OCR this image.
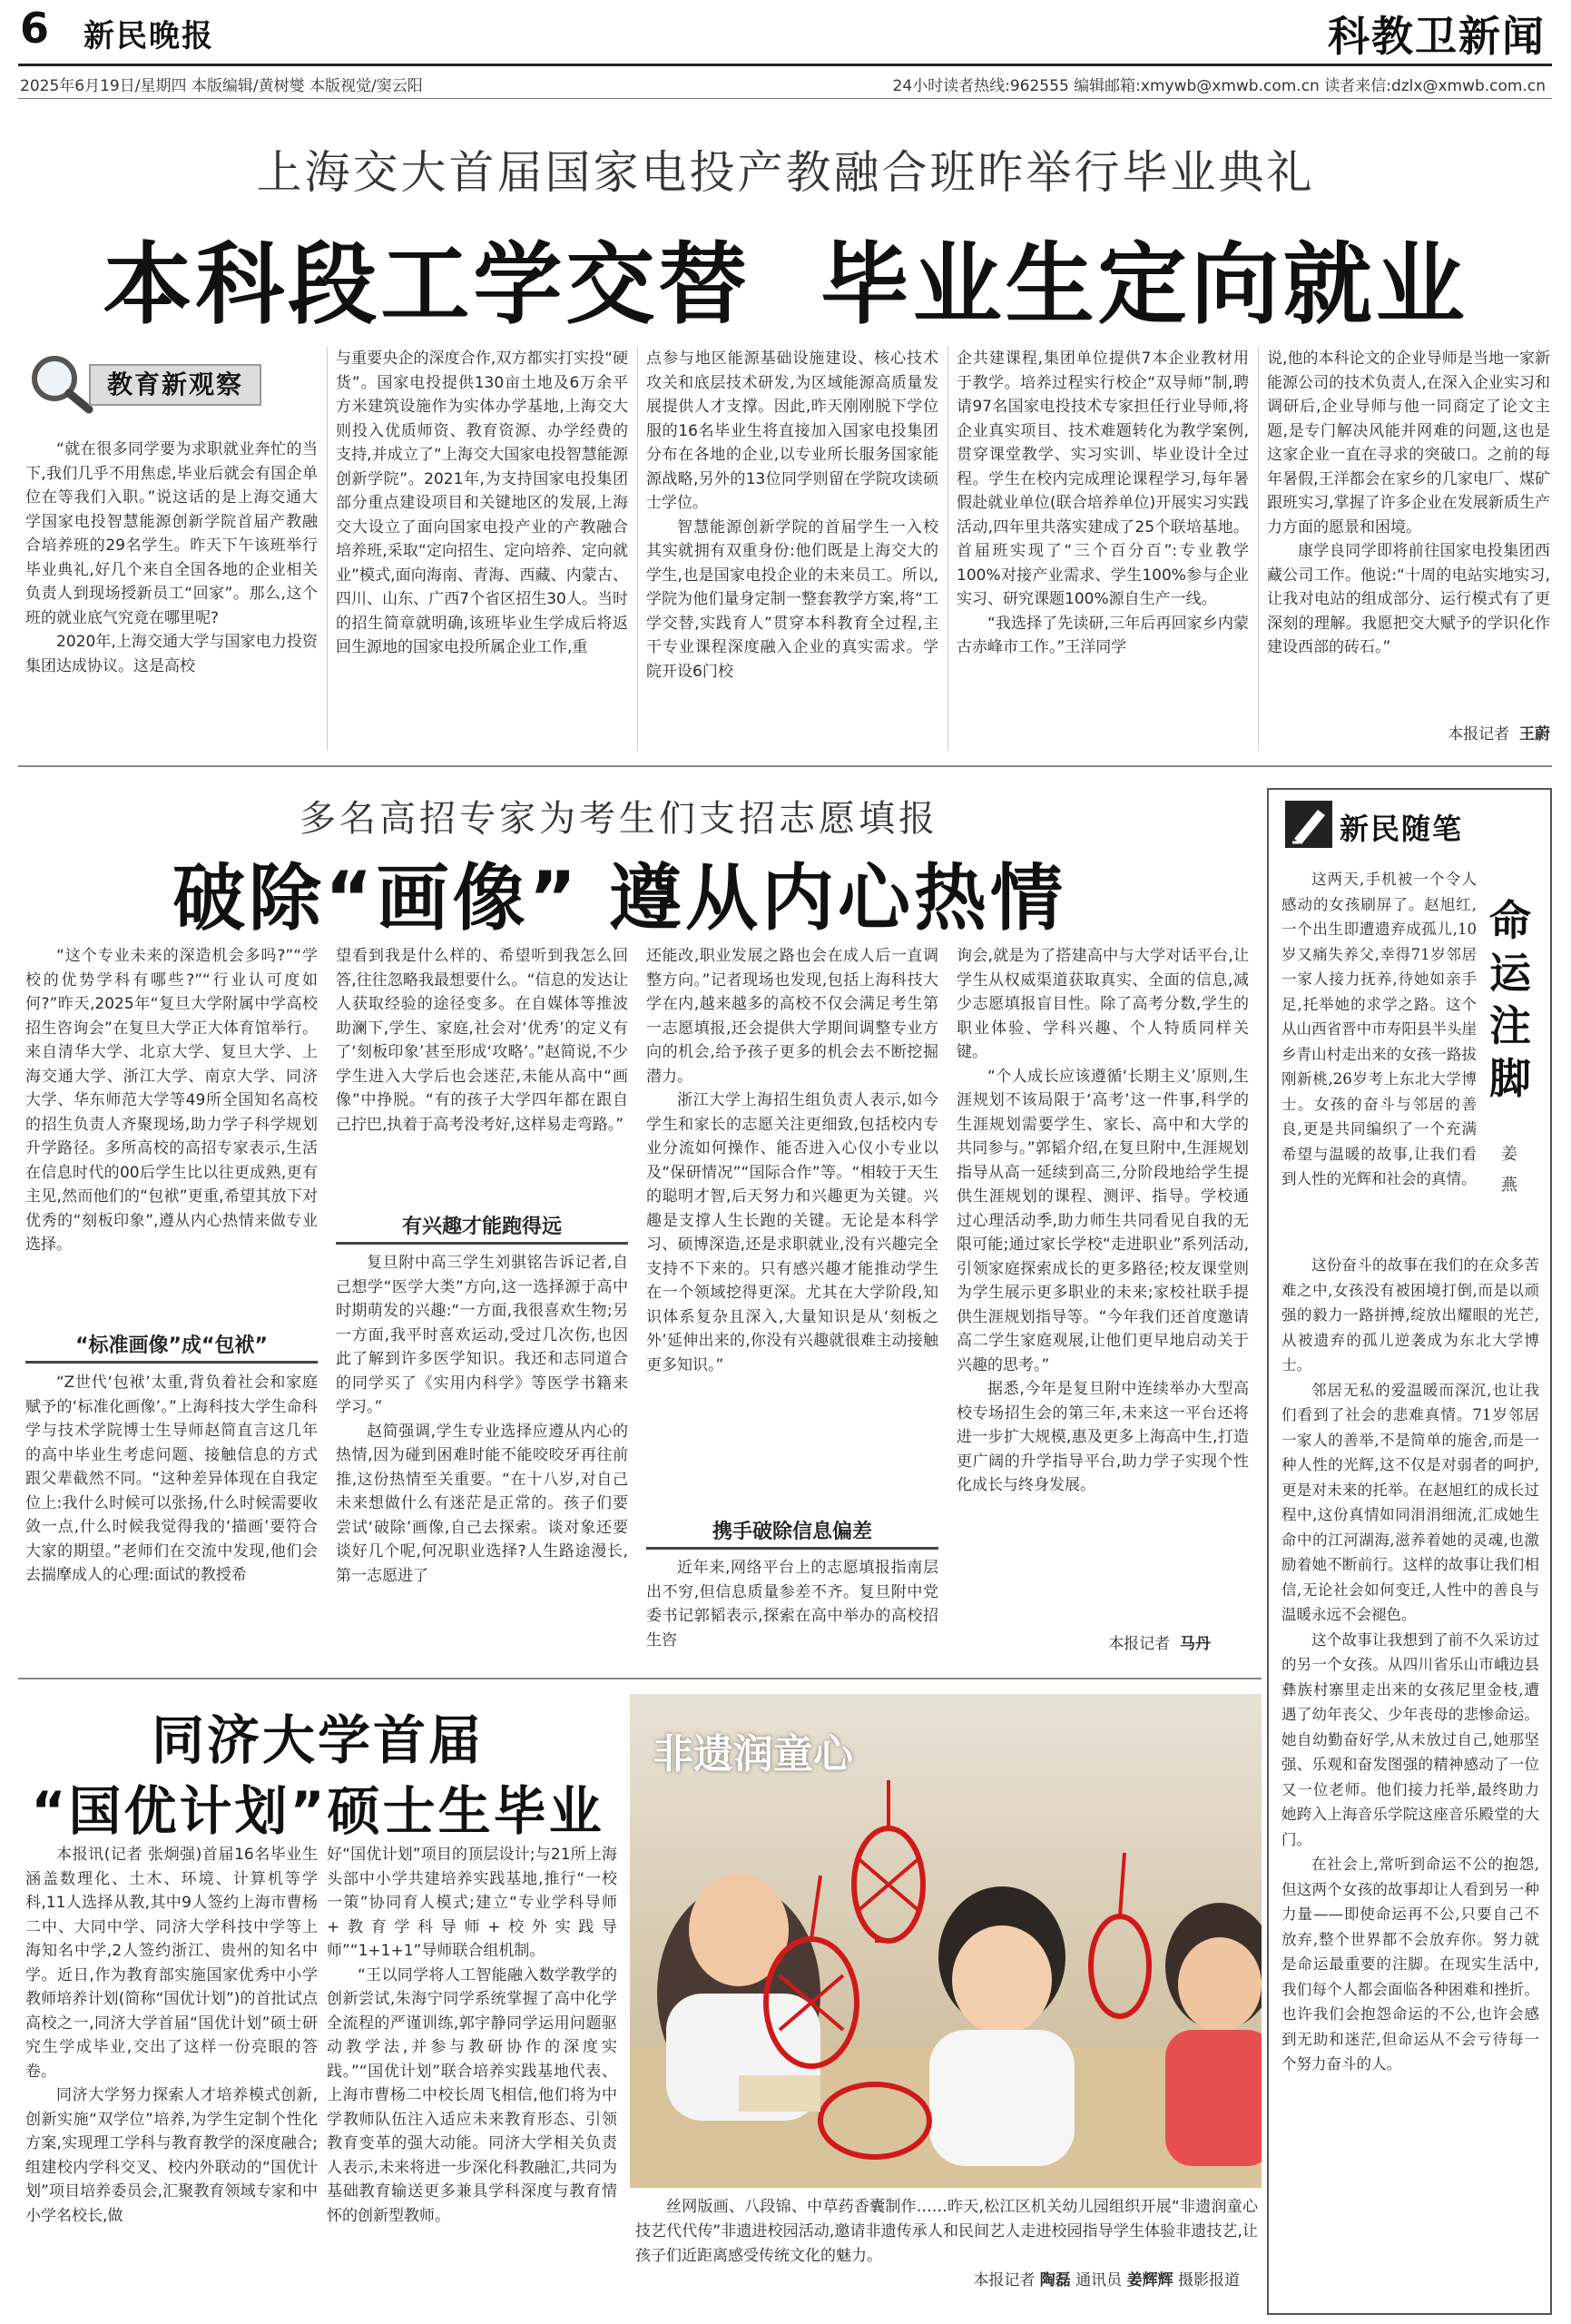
6 新民晚报	科教卫新闻
2025年6月19日/星期四 本版编辑/黄树燮 本版视觉/窦云阳	24小时读者热线:962555 编辑邮箱:xmywb@xmwb.com.cn 读者来信:dzlx@xmwb.com.cn
上海交大首届国家电投产教融合班昨举行毕业典礼
本科段工学交替  毕业生定向就业
教育新观察

“就在很多同学要为求职就业奔忙的当下,我们几乎不用焦虑,毕业后就会有国企单位在等我们入职。”说这话的是上海交通大学国家电投智慧能源创新学院首届产教融合培养班的29名学生。昨天下午该班举行毕业典礼,好几个来自全国各地的企业相关负责人到现场授新员工“回家”。那么,这个班的就业底气究竟在哪里呢?

2020年,上海交通大学与国家电力投资集团达成协议。这是高校

与重要央企的深度合作,双方都实打实投“硬货”。国家电投提供130亩土地及6万余平方米建筑设施作为实体办学基地,上海交大则投入优质师资、教育资源、办学经费的支持,并成立了“上海交大国家电投智慧能源创新学院”。2021年,为支持国家电投集团部分重点建设项目和关键地区的发展,上海交大设立了面向国家电投产业的产教融合培养班,采取“定向招生、定向培养、定向就业”模式,面向海南、青海、西藏、内蒙古、四川、山东、广西7个省区招生30人。当时的招生简章就明确,该班毕业生学成后将返回生源地的国家电投所属企业工作,重

点参与地区能源基础设施建设、核心技术攻关和底层技术研发,为区域能源高质量发展提供人才支撑。因此,昨天刚刚脱下学位服的16名毕业生将直接加入国家电投集团分布在各地的企业,以专业所长服务国家能源战略,另外的13位同学则留在学院攻读硕士学位。

智慧能源创新学院的首届学生一入校其实就拥有双重身份:他们既是上海交大的学生,也是国家电投企业的未来员工。所以,学院为他们量身定制一整套教学方案,将“工学交替,实践育人”贯穿本科教育全过程,主干专业课程深度融入企业的真实需求。学院开设6门校

企共建课程,集团单位提供7本企业教材用于教学。培养过程实行校企“双导师”制,聘请97名国家电投技术专家担任行业导师,将企业真实项目、技术难题转化为教学案例,贯穿课堂教学、实习实训、毕业设计全过程。学生在校内完成理论课程学习,每年暑假赴就业单位(联合培养单位)开展实习实践活动,四年里共落实建成了25个联培基地。首届班实现了“三个百分百”:专业教学100%对接产业需求、学生100%参与企业实习、研究课题100%源自生产一线。

“我选择了先读研,三年后再回家乡内蒙古赤峰市工作。”王洋同学

说,他的本科论文的企业导师是当地一家新能源公司的技术负责人,在深入企业实习和调研后,企业导师与他一同商定了论文主题,是专门解决风能并网难的问题,这也是这家企业一直在寻求的突破口。之前的每年暑假,王洋都会在家乡的几家电厂、煤矿跟班实习,掌握了许多企业在发展新质生产力方面的愿景和困境。

康学良同学即将前往国家电投集团西藏公司工作。他说:“十周的电站实地实习,让我对电站的组成部分、运行模式有了更深刻的理解。我愿把交大赋予的学识化作建设西部的砖石。”

本报记者 王蔚
多名高招专家为考生们支招志愿填报
破除“画像” 遵从内心热情

“这个专业未来的深造机会多吗?”“学校的优势学科有哪些?”“行业认可度如何?”昨天,2025年“复旦大学附属中学高校招生咨询会”在复旦大学正大体育馆举行。来自清华大学、北京大学、复旦大学、上海交通大学、浙江大学、南京大学、同济大学、华东师范大学等49所全国知名高校的招生负责人齐聚现场,助力学子科学规划升学路径。多所高校的高招专家表示,生活在信息时代的00后学生比以往更成熟,更有主见,然而他们的“包袱”更重,希望其放下对优秀的“刻板印象”,遵从内心热情来做专业选择。

“标准画像”成“包袱”

“Z世代‘包袱’太重,背负着社会和家庭赋予的‘标准化画像’。”上海科技大学生命科学与技术学院博士生导师赵简直言这几年的高中毕业生考虑问题、接触信息的方式跟父辈截然不同。“这种差异体现在自我定位上:我什么时候可以张扬,什么时候需要收敛一点,什么时候我觉得我的‘描画’要符合大家的期望。”老师们在交流中发现,他们会去揣摩成人的心理:面试的教授希

望看到我是什么样的、希望听到我怎么回答,往往忽略我最想要什么。“信息的发达让人获取经验的途径变多。在自媒体等推波助澜下,学生、家庭,社会对‘优秀’的定义有了‘刻板印象’甚至形成‘攻略’。”赵简说,不少学生进入大学后也会迷茫,未能从高中“画像”中挣脱。“有的孩子大学四年都在跟自己拧巴,执着于高考没考好,这样易走弯路。”

有兴趣才能跑得远

复旦附中高三学生刘骐铭告诉记者,自己想学“医学大类”方向,这一选择源于高中时期萌发的兴趣:“一方面,我很喜欢生物;另一方面,我平时喜欢运动,受过几次伤,也因此了解到许多医学知识。我还和志同道合的同学买了《实用内科学》等医学书籍来学习。”

赵简强调,学生专业选择应遵从内心的热情,因为碰到困难时能不能咬咬牙再往前推,这份热情至关重要。“在十八岁,对自己未来想做什么有迷茫是正常的。孩子们要尝试‘破除’画像,自己去探索。谈对象还要谈好几个呢,何况职业选择?人生路途漫长,第一志愿进了

还能改,职业发展之路也会在成人后一直调整方向。”记者现场也发现,包括上海科技大学在内,越来越多的高校不仅会满足考生第一志愿填报,还会提供大学期间调整专业方向的机会,给予孩子更多的机会去不断挖掘潜力。

浙江大学上海招生组负责人表示,如今学生和家长的志愿关注更细致,包括校内专业分流如何操作、能否进入心仪小专业以及“保研情况”“国际合作”等。“相较于天生的聪明才智,后天努力和兴趣更为关键。兴趣是支撑人生长跑的关键。无论是本科学习、硕博深造,还是求职就业,没有兴趣完全支持不下来的。只有感兴趣才能推动学生在一个领域挖得更深。尤其在大学阶段,知识体系复杂且深入,大量知识是从‘刻板之外’延伸出来的,你没有兴趣就很难主动接触更多知识。”

携手破除信息偏差

近年来,网络平台上的志愿填报指南层出不穷,但信息质量参差不齐。复旦附中党委书记郭韬表示,探索在高中举办的高校招生咨

询会,就是为了搭建高中与大学对话平台,让学生从权威渠道获取真实、全面的信息,减少志愿填报盲目性。除了高考分数,学生的职业体验、学科兴趣、个人特质同样关键。

“个人成长应该遵循‘长期主义’原则,生涯规划不该局限于‘高考’这一件事,科学的生涯规划需要学生、家长、高中和大学的共同参与。”郭韬介绍,在复旦附中,生涯规划指导从高一延续到高三,分阶段地给学生提供生涯规划的课程、测评、指导。学校通过心理活动季,助力师生共同看见自我的无限可能;通过家长学校“走进职业”系列活动,引领家庭探索成长的更多路径;校友课堂则为学生展示更多职业的未来;家校社联手提供生涯规划指导等。“今年我们还首度邀请高二学生家庭观展,让他们更早地启动关于兴趣的思考。”

据悉,今年是复旦附中连续举办大型高校专场招生会的第三年,未来这一平台还将进一步扩大规模,惠及更多上海高中生,打造更广阔的升学指导平台,助力学子实现个性化成长与终身发展。

本报记者 马丹
同济大学首届
“国优计划”硕士生毕业

本报讯(记者 张炯强)首届16名毕业生涵盖数理化、土木、环境、计算机等学科,11人选择从教,其中9人签约上海市曹杨二中、大同中学、同济大学科技中学等上海知名中学,2人签约浙江、贵州的知名中学。近日,作为教育部实施国家优秀中小学教师培养计划(简称“国优计划”)的首批试点高校之一,同济大学首届“国优计划”硕士研究生学成毕业,交出了这样一份亮眼的答卷。

同济大学努力探索人才培养模式创新,创新实施“双学位”培养,为学生定制个性化方案,实现理工学科与教育教学的深度融合;组建校内学科交叉、校内外联动的“国优计划”项目培养委员会,汇聚教育领域专家和中小学名校长,做

好“国优计划”项目的顶层设计;与21所上海头部中小学共建培养实践基地,推行“一校一策”协同育人模式;建立“专业学科导师+教育学科导师+校外实践导师”“1+1+1”导师联合组机制。

“王以同学将人工智能融入数学教学的创新尝试,朱海宁同学系统掌握了高中化学全流程的严谨训练,郭宇静同学运用问题驱动教学法,并参与教研协作的深度实践。”“国优计划”联合培养实践基地代表、上海市曹杨二中校长周飞相信,他们将为中学教师队伍注入适应未来教育形态、引领教育变革的强大动能。同济大学相关负责人表示,未来将进一步深化科教融汇,共同为基础教育输送更多兼具学科深度与教育情怀的创新型教师。

非遗润童心

丝网版画、八段锦、中草药香囊制作……昨天,松江区机关幼儿园组织开展“非遗润童心 技艺代代传”非遗进校园活动,邀请非遗传承人和民间艺人走进校园指导学生体验非遗技艺,让孩子们近距离感受传统文化的魅力。

本报记者 陶磊 通讯员 姜辉辉 摄影报道
新民随笔
命运注脚
姜燕

这两天,手机被一个令人感动的女孩刷屏了。赵旭红,一个出生即遭遗弃成孤儿,10岁又痛失养父,幸得71岁邻居一家人接力抚养,待她如亲手足,托举她的求学之路。这个从山西省晋中市寿阳县半头崖乡青山村走出来的女孩一路拔刚新桃,26岁考上东北大学博士。女孩的奋斗与邻居的善良,更是共同编织了一个充满希望与温暖的故事,让我们看到人性的光辉和社会的真情。

这份奋斗的故事在我们的在众多苦难之中,女孩没有被困境打倒,而是以顽强的毅力一路拼搏,绽放出耀眼的光芒,从被遗弃的孤儿逆袭成为东北大学博士。

邻居无私的爱温暖而深沉,也让我们看到了社会的悲难真情。71岁邻居一家人的善举,不是简单的施舍,而是一种人性的光辉,这不仅是对弱者的呵护,更是对未来的托举。在赵旭红的成长过程中,这份真情如同涓涓细流,汇成她生命中的江河湖海,滋养着她的灵魂,也激励着她不断前行。这样的故事让我们相信,无论社会如何变迁,人性中的善良与温暖永远不会褪色。

这个故事让我想到了前不久采访过的另一个女孩。从四川省乐山市峨边县彝族村寨里走出来的女孩尼里金枝,遭遇了幼年丧父、少年丧母的悲惨命运。她自幼勤奋好学,从未放过自己,她那坚强、乐观和奋发图强的精神感动了一位又一位老师。他们接力托举,最终助力她跨入上海音乐学院这座音乐殿堂的大门。

在社会上,常听到命运不公的抱怨,但这两个女孩的故事却让人看到另一种力量——即使命运再不公,只要自己不放弃,整个世界都不会放弃你。努力就是命运最重要的注脚。在现实生活中,我们每个人都会面临各种困难和挫折。也许我们会抱怨命运的不公,也许会感到无助和迷茫,但命运从不会亏待每一个努力奋斗的人。
